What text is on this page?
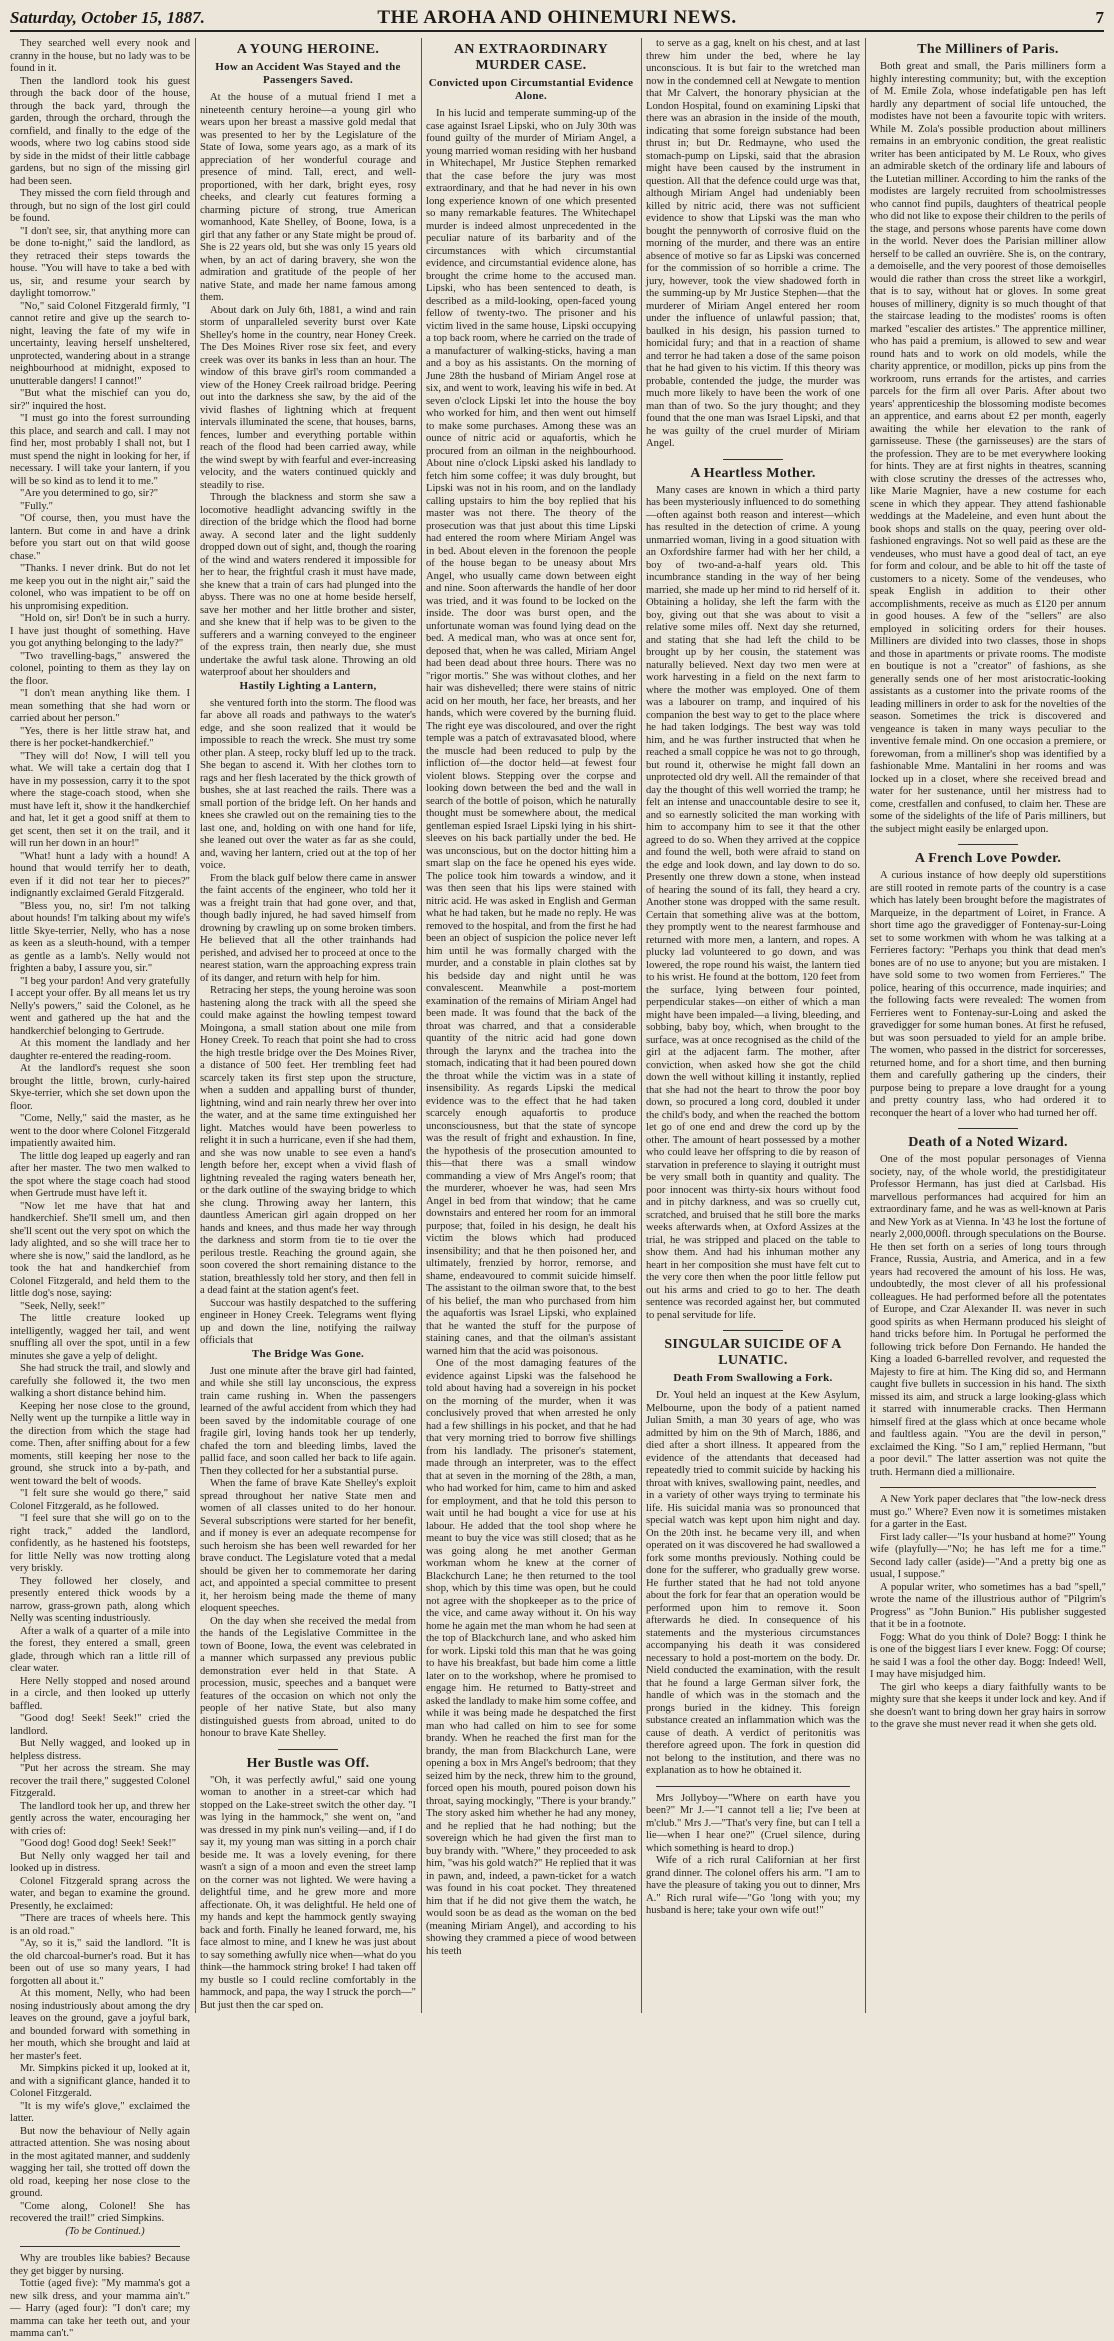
Saturday, October 15, 1887.	THE AROHA AND OHINEMURI NEWS.	7

They searched well every nook and cranny in the house, but no lady was to be found in it.

Then the landlord took his guest through the back door of the house, through the back yard, through the garden, through the orchard, through the cornfield, and finally to the edge of the woods, where two log cabins stood side by side in the midst of their little cabbage gardens, but no sign of the missing girl had been seen.

They missed the corn field through and through, but no sign of the lost girl could be found.

"I don't see, sir, that anything more can be done to-night," said the landlord, as they retraced their steps towards the house. "You will have to take a bed with us, sir, and resume your search by daylight tomorrow."

"No," said Colonel Fitzgerald firmly, "I cannot retire and give up the search to-night, leaving the fate of my wife in uncertainty, leaving herself unsheltered, unprotected, wandering about in a strange neighbourhood at midnight, exposed to unutterable dangers! I cannot!"

"But what the mischief can you do, sir?" inquired the host.

"I must go into the forest surrounding this place, and search and call. I may not find her, most probably I shall not, but I must spend the night in looking for her, if necessary. I will take your lantern, if you will be so kind as to lend it to me."

"Are you determined to go, sir?"

"Fully."

"Of course, then, you must have the lantern. But come in and have a drink before you start out on that wild goose chase."

"Thanks. I never drink. But do not let me keep you out in the night air," said the colonel, who was impatient to be off on his unpromising expedition.

"Hold on, sir! Don't be in such a hurry. I have just thought of something. Have you got anything belonging to the lady?"

"Two travelling-bags," answered the colonel, pointing to them as they lay on the floor.

"I don't mean anything like them. I mean something that she had worn or carried about her person."

"Yes, there is her little straw hat, and there is her pocket-handkerchief."

"They will do! Now, I will tell you what. We will take a certain dog that I have in my possession, carry it to the spot where the stage-coach stood, when she must have left it, show it the handkerchief and hat, let it get a good sniff at them to get scent, then set it on the trail, and it will run her down in an hour!"

"What! hunt a lady with a hound! A hound that would terrify her to death, even if it did not tear her to pieces?" indignantly exclaimed Gerald Fitzgerald.

"Bless you, no, sir! I'm not talking about hounds! I'm talking about my wife's little Skye-terrier, Nelly, who has a nose as keen as a sleuth-hound, with a temper as gentle as a lamb's. Nelly would not frighten a baby, I assure you, sir."

"I beg your pardon! And very gratefully I accept your offer. By all means let us try Nelly's powers," said the Colonel, as he went and gathered up the hat and the handkerchief belonging to Gertrude.

At this moment the landlady and her daughter re-entered the reading-room.

At the landlord's request she soon brought the little, brown, curly-haired Skye-terrier, which she set down upon the floor.

"Come, Nelly," said the master, as he went to the door where Colonel Fitzgerald impatiently awaited him.

The little dog leaped up eagerly and ran after her master. The two men walked to the spot where the stage coach had stood when Gertrude must have left it.

"Now let me have that hat and handkerchief. She'll smell um, and then she'll scent out the very spot on which the lady alighted, and so she will trace her to where she is now," said the landlord, as he took the hat and handkerchief from Colonel Fitzgerald, and held them to the little dog's nose, saying:

"Seek, Nelly, seek!"

The little creature looked up intelligently, wagged her tail, and went snuffling all over the spot, until in a few minutes she gave a yelp of delight.

She had struck the trail, and slowly and carefully she followed it, the two men walking a short distance behind him.

Keeping her nose close to the ground, Nelly went up the turnpike a little way in the direction from which the stage had come. Then, after sniffing about for a few moments, still keeping her nose to the ground, she struck into a by-path, and went toward the belt of woods.

"I felt sure she would go there," said Colonel Fitzgerald, as he followed.

"I feel sure that she will go on to the right track," added the landlord, confidently, as he hastened his footsteps, for little Nelly was now trotting along very briskly.

They followed her closely, and presently entered thick woods by a narrow, grass-grown path, along which Nelly was scenting industriously.

After a walk of a quarter of a mile into the forest, they entered a small, green glade, through which ran a little rill of clear water.

Here Nelly stopped and nosed around in a circle, and then looked up utterly baffled.

"Good dog! Seek! Seek!" cried the landlord.

But Nelly wagged, and looked up in helpless distress.

"Put her across the stream. She may recover the trail there," suggested Colonel Fitzgerald.

The landlord took her up, and threw her gently across the water, encouraging her with cries of:

"Good dog! Good dog! Seek! Seek!"

But Nelly only wagged her tail and looked up in distress.

Colonel Fitzgerald sprang across the water, and began to examine the ground. Presently, he exclaimed:

"There are traces of wheels here. This is an old road."

"Ay, so it is," said the landlord. "It is the old charcoal-burner's road. But it has been out of use so many years, I had forgotten all about it."

At this moment, Nelly, who had been nosing industriously about among the dry leaves on the ground, gave a joyful bark, and bounded forward with something in her mouth, which she brought and laid at her master's feet.

Mr. Simpkins picked it up, looked at it, and with a significant glance, handed it to Colonel Fitzgerald.

"It is my wife's glove," exclaimed the latter.

But now the behaviour of Nelly again attracted attention. She was nosing about in the most agitated manner, and suddenly wagging her tail, she trotted off down the old road, keeping her nose close to the ground.

"Come along, Colonel! She has recovered the trail!" cried Simpkins.

(To be Continued.)

Why are troubles like babies? Because they get bigger by nursing.

Tottie (aged five): "My mamma's got a new silk dress, and your mamma ain't." — Harry (aged four): "I don't care; my mamma can take her teeth out, and your mamma can't."

A YOUNG HEROINE.
How an Accident Was Stayed and the Passengers Saved.

At the house of a mutual friend I met a nineteenth century heroine—a young girl who wears upon her breast a massive gold medal that was presented to her by the Legislature of the State of Iowa, some years ago, as a mark of its appreciation of her wonderful courage and presence of mind. Tall, erect, and well-proportioned, with her dark, bright eyes, rosy cheeks, and clearly cut features forming a charming picture of strong, true American womanhood, Kate Shelley, of Boone, Iowa, is a girl that any father or any State might be proud of. She is 22 years old, but she was only 15 years old when, by an act of daring bravery, she won the admiration and gratitude of the people of her native State, and made her name famous among them.

About dark on July 6th, 1881, a wind and rain storm of unparalleled severity burst over Kate Shelley's home in the country, near Honey Creek. The Des Moines River rose six feet, and every creek was over its banks in less than an hour. The window of this brave girl's room commanded a view of the Honey Creek railroad bridge. Peering out into the darkness she saw, by the aid of the vivid flashes of lightning which at frequent intervals illuminated the scene, that houses, barns, fences, lumber and everything portable within reach of the flood had been carried away, while the wind swept by with fearful and ever-increasing velocity, and the waters continued quickly and steadily to rise.

Through the blackness and storm she saw a locomotive headlight advancing swiftly in the direction of the bridge which the flood had borne away. A second later and the light suddenly dropped down out of sight, and, though the roaring of the wind and waters rendered it impossible for her to hear, the frightful crash it must have made, she knew that a train of cars had plunged into the abyss. There was no one at home beside herself, save her mother and her little brother and sister, and she knew that if help was to be given to the sufferers and a warning conveyed to the engineer of the express train, then nearly due, she must undertake the awful task alone. Throwing an old waterproof about her shoulders and

Hastily Lighting a Lantern,

she ventured forth into the storm. The flood was far above all roads and pathways to the water's edge, and she soon realized that it would be impossible to reach the wreck. She must try some other plan. A steep, rocky bluff led up to the track. She began to ascend it. With her clothes torn to rags and her flesh lacerated by the thick growth of bushes, she at last reached the rails. There was a small portion of the bridge left. On her hands and knees she crawled out on the remaining ties to the last one, and, holding on with one hand for life, she leaned out over the water as far as she could, and, waving her lantern, cried out at the top of her voice.

From the black gulf below there came in answer the faint accents of the engineer, who told her it was a freight train that had gone over, and that, though badly injured, he had saved himself from drowning by crawling up on some broken timbers. He believed that all the other trainhands had perished, and advised her to proceed at once to the nearest station, warn the approaching express train of its danger, and return with help for him.

Retracing her steps, the young heroine was soon hastening along the track with all the speed she could make against the howling tempest toward Moingona, a small station about one mile from Honey Creek. To reach that point she had to cross the high trestle bridge over the Des Moines River, a distance of 500 feet. Her trembling feet had scarcely taken its first step upon the structure, when a sudden and appalling burst of thunder, lightning, wind and rain nearly threw her over into the water, and at the same time extinguished her light. Matches would have been powerless to relight it in such a hurricane, even if she had them, and she was now unable to see even a hand's length before her, except when a vivid flash of lightning revealed the raging waters beneath her, or the dark outline of the swaying bridge to which she clung. Throwing away her lantern, this dauntless American girl again dropped on her hands and knees, and thus made her way through the darkness and storm from tie to tie over the perilous trestle. Reaching the ground again, she soon covered the short remaining distance to the station, breathlessly told her story, and then fell in a dead faint at the station agent's feet.

Succour was hastily despatched to the suffering engineer in Honey Creek. Telegrams went flying up and down the line, notifying the railway officials that

The Bridge Was Gone.

Just one minute after the brave girl had fainted, and while she still lay unconscious, the express train came rushing in. When the passengers learned of the awful accident from which they had been saved by the indomitable courage of one fragile girl, loving hands took her up tenderly, chafed the torn and bleeding limbs, laved the pallid face, and soon called her back to life again. Then they collected for her a substantial purse.

When the fame of brave Kate Shelley's exploit spread throughout her native State men and women of all classes united to do her honour. Several subscriptions were started for her benefit, and if money is ever an adequate recompense for such heroism she has been well rewarded for her brave conduct. The Legislature voted that a medal should be given her to commemorate her daring act, and appointed a special committee to present it, her heroism being made the theme of many eloquent speeches.

On the day when she received the medal from the hands of the Legislative Committee in the town of Boone, Iowa, the event was celebrated in a manner which surpassed any previous public demonstration ever held in that State. A procession, music, speeches and a banquet were features of the occasion on which not only the people of her native State, but also many distinguished guests from abroad, united to do honour to brave Kate Shelley.

Her Bustle was Off.

"Oh, it was perfectly awful," said one young woman to another in a street-car which had stopped on the Lake-street switch the other day. "I was lying in the hammock," she went on, "and was dressed in my pink nun's veiling—and, if I do say it, my young man was sitting in a porch chair beside me. It was a lovely evening, for there wasn't a sign of a moon and even the street lamp on the corner was not lighted. We were having a delightful time, and he grew more and more affectionate. Oh, it was delightful. He held one of my hands and kept the hammock gently swaying back and forth. Finally he leaned forward, me, his face almost to mine, and I knew he was just about to say something awfully nice when—what do you think—the hammock string broke! I had taken off my bustle so I could recline comfortably in the hammock, and papa, the way I struck the porch—" But just then the car sped on.

AN EXTRAORDINARY MURDER CASE.
Convicted upon Circumstantial Evidence Alone.

In his lucid and temperate summing-up of the case against Israel Lipski, who on July 30th was found guilty of the murder of Miriam Angel, a young married woman residing with her husband in Whitechapel, Mr Justice Stephen remarked that the case before the jury was most extraordinary, and that he had never in his own long experience known of one which presented so many remarkable features. The Whitechapel murder is indeed almost unprecedented in the peculiar nature of its barbarity and of the circumstances with which circumstantial evidence, and circumstantial evidence alone, has brought the crime home to the accused man. Lipski, who has been sentenced to death, is described as a mild-looking, open-faced young fellow of twenty-two. The prisoner and his victim lived in the same house, Lipski occupying a top back room, where he carried on the trade of a manufacturer of walking-sticks, having a man and a boy as his assistants. On the morning of June 28th the husband of Miriam Angel rose at six, and went to work, leaving his wife in bed. At seven o'clock Lipski let into the house the boy who worked for him, and then went out himself to make some purchases. Among these was an ounce of nitric acid or aquafortis, which he procured from an oilman in the neighbourhood. About nine o'clock Lipski asked his landlady to fetch him some coffee; it was duly brought, but Lipski was not in his room, and on the landlady calling upstairs to him the boy replied that his master was not there. The theory of the prosecution was that just about this time Lipski had entered the room where Miriam Angel was in bed. About eleven in the forenoon the people of the house began to be uneasy about Mrs Angel, who usually came down between eight and nine. Soon afterwards the handle of her door was tried, and it was found to be locked on the inside. The door was burst open, and the unfortunate woman was found lying dead on the bed. A medical man, who was at once sent for, deposed that, when he was called, Miriam Angel had been dead about three hours. There was no "rigor mortis." She was without clothes, and her hair was dishevelled; there were stains of nitric acid on her mouth, her face, her breasts, and her hands, which were covered by the burning fluid. The right eye was discoloured, and over the right temple was a patch of extravasated blood, where the muscle had been reduced to pulp by the infliction of—the doctor held—at fewest four violent blows. Stepping over the corpse and looking down between the bed and the wall in search of the bottle of poison, which he naturally thought must be somewhere about, the medical gentleman espied Israel Lipski lying in his shirt-sleeves on his back partially under the bed. He was unconscious, but on the doctor hitting him a smart slap on the face he opened his eyes wide. The police took him towards a window, and it was then seen that his lips were stained with nitric acid. He was asked in English and German what he had taken, but he made no reply. He was removed to the hospital, and from the first he had been an object of suspicion the police never left him until he was formally charged with the murder, and a constable in plain clothes sat by his bedside day and night until he was convalescent. Meanwhile a post-mortem examination of the remains of Miriam Angel had been made. It was found that the back of the throat was charred, and that a considerable quantity of the nitric acid had gone down through the larynx and the trachea into the stomach, indicating that it had been poured down the throat while the victim was in a state of insensibility. As regards Lipski the medical evidence was to the effect that he had taken scarcely enough aquafortis to produce unconsciousness, but that the state of syncope was the result of fright and exhaustion. In fine, the hypothesis of the prosecution amounted to this—that there was a small window commanding a view of Mrs Angel's room; that the murderer, whoever he was, had seen Mrs Angel in bed from that window; that he came downstairs and entered her room for an immoral purpose; that, foiled in his design, he dealt his victim the blows which had produced insensibility; and that he then poisoned her, and ultimately, frenzied by horror, remorse, and shame, endeavoured to commit suicide himself. The assistant to the oilman swore that, to the best of his belief, the man who purchased from him the aquafortis was Israel Lipski, who explained that he wanted the stuff for the purpose of staining canes, and that the oilman's assistant warned him that the acid was poisonous.

One of the most damaging features of the evidence against Lipski was the falsehood he told about having had a sovereign in his pocket on the morning of the murder, when it was conclusively proved that when arrested he only had a few shillings in his pocket, and that he had that very morning tried to borrow five shillings from his landlady. The prisoner's statement, made through an interpreter, was to the effect that at seven in the morning of the 28th, a man, who had worked for him, came to him and asked for employment, and that he told this person to wait until he had bought a vice for use at his labour. He added that the tool shop where he meant to buy the vice was still closed; that as he was going along he met another German workman whom he knew at the corner of Blackchurch Lane; he then returned to the tool shop, which by this time was open, but he could not agree with the shopkeeper as to the price of the vice, and came away without it. On his way home he again met the man whom he had seen at the top of Blackchurch lane, and who asked him for work. Lipski told this man that he was going to have his breakfast, but bade him come a little later on to the workshop, where he promised to engage him. He returned to Batty-street and asked the landlady to make him some coffee, and while it was being made he despatched the first man who had called on him to see for some brandy. When he reached the first man for the brandy, the man from Blackchurch Lane, were opening a box in Mrs Angel's bedroom; that they seized him by the neck, threw him to the ground, forced open his mouth, poured poison down his throat, saying mockingly, "There is your brandy." The story asked him whether he had any money, and he replied that he had nothing; but the sovereign which he had given the first man to buy brandy with. "Where," they proceeded to ask him, "was his gold watch?" He replied that it was in pawn, and, indeed, a pawn-ticket for a watch was found in his coat pocket. They threatened him that if he did not give them the watch, he would soon be as dead as the woman on the bed (meaning Miriam Angel), and according to his showing they crammed a piece of wood between his teeth

to serve as a gag, knelt on his chest, and at last threw him under the bed, where he lay unconscious. It is but fair to the wretched man now in the condemned cell at Newgate to mention that Mr Calvert, the honorary physician at the London Hospital, found on examining Lipski that there was an abrasion in the inside of the mouth, indicating that some foreign substance had been thrust in; but Dr. Redmayne, who used the stomach-pump on Lipski, said that the abrasion might have been caused by the instrument in question. All that the defence could urge was that, although Miriam Angel had undeniably been killed by nitric acid, there was not sufficient evidence to show that Lipski was the man who bought the pennyworth of corrosive fluid on the morning of the murder, and there was an entire absence of motive so far as Lipski was concerned for the commission of so horrible a crime. The jury, however, took the view shadowed forth in the summing-up by Mr Justice Stephen—that the murderer of Miriam Angel entered her room under the influence of unlawful passion; that, baulked in his design, his passion turned to homicidal fury; and that in a reaction of shame and terror he had taken a dose of the same poison that he had given to his victim. If this theory was probable, contended the judge, the murder was much more likely to have been the work of one man than of two. So the jury thought; and they found that the one man was Israel Lipski, and that he was guilty of the cruel murder of Miriam Angel.

A Heartless Mother.

Many cases are known in which a third party has been mysteriously influenced to do something—often against both reason and interest—which has resulted in the detection of crime. A young unmarried woman, living in a good situation with an Oxfordshire farmer had with her her child, a boy of two-and-a-half years old. This incumbrance standing in the way of her being married, she made up her mind to rid herself of it. Obtaining a holiday, she left the farm with the boy, giving out that she was about to visit a relative some miles off. Next day she returned, and stating that she had left the child to be brought up by her cousin, the statement was naturally believed. Next day two men were at work harvesting in a field on the next farm to where the mother was employed. One of them was a labourer on tramp, and inquired of his companion the best way to get to the place where he had taken lodgings. The best way was told him, and he was further instructed that when he reached a small coppice he was not to go through, but round it, otherwise he might fall down an unprotected old dry well. All the remainder of that day the thought of this well worried the tramp; he felt an intense and unaccountable desire to see it, and so earnestly solicited the man working with him to accompany him to see it that the other agreed to do so. When they arrived at the coppice and found the well, both were afraid to stand on the edge and look down, and lay down to do so. Presently one threw down a stone, when instead of hearing the sound of its fall, they heard a cry. Another stone was dropped with the same result. Certain that something alive was at the bottom, they promptly went to the nearest farmhouse and returned with more men, a lantern, and ropes. A plucky lad volunteered to go down, and was lowered, the rope round his waist, the lantern tied to his wrist. He found at the bottom, 120 feet from the surface, lying between four pointed, perpendicular stakes—on either of which a man might have been impaled—a living, bleeding, and sobbing, baby boy, which, when brought to the surface, was at once recognised as the child of the girl at the adjacent farm. The mother, after conviction, when asked how she got the child down the well without killing it instantly, replied that she had not the heart to throw the poor boy down, so procured a long cord, doubled it under the child's body, and when the reached the bottom let go of one end and drew the cord up by the other. The amount of heart possessed by a mother who could leave her offspring to die by reason of starvation in preference to slaying it outright must be very small both in quantity and quality. The poor innocent was thirty-six hours without food and in pitchy darkness, and was so cruelly cut, scratched, and bruised that he still bore the marks weeks afterwards when, at Oxford Assizes at the trial, he was stripped and placed on the table to show them. And had his inhuman mother any heart in her composition she must have felt cut to the very core then when the poor little fellow put out his arms and cried to go to her. The death sentence was recorded against her, but commuted to penal servitude for life.

SINGULAR SUICIDE OF A LUNATIC.
Death From Swallowing a Fork.

Dr. Youl held an inquest at the Kew Asylum, Melbourne, upon the body of a patient named Julian Smith, a man 30 years of age, who was admitted by him on the 9th of March, 1886, and died after a short illness. It appeared from the evidence of the attendants that deceased had repeatedly tried to commit suicide by hacking his throat with knives, swallowing paint, needles, and in a variety of other ways trying to terminate his life. His suicidal mania was so pronounced that special watch was kept upon him night and day. On the 20th inst. he became very ill, and when operated on it was discovered he had swallowed a fork some months previously. Nothing could be done for the sufferer, who gradually grew worse. He further stated that he had not told anyone about the fork for fear that an operation would be performed upon him to remove it. Soon afterwards he died. In consequence of his statements and the mysterious circumstances accompanying his death it was considered necessary to hold a post-mortem on the body. Dr. Nield conducted the examination, with the result that he found a large German silver fork, the handle of which was in the stomach and the prongs buried in the kidney. This foreign substance created an inflammation which was the cause of death. A verdict of peritonitis was therefore agreed upon. The fork in question did not belong to the institution, and there was no explanation as to how he obtained it.

Mrs Jollyboy—"Where on earth have you been?" Mr J.—"I cannot tell a lie; I've been at m'club." Mrs J.—"That's very fine, but can I tell a lie—when I hear one?" (Cruel silence, during which something is heard to drop.)

Wife of a rich rural Californian at her first grand dinner. The colonel offers his arm. "I am to have the pleasure of taking you out to dinner, Mrs A." Rich rural wife—"Go 'long with you; my husband is here; take your own wife out!"

The Milliners of Paris.

Both great and small, the Paris milliners form a highly interesting community; but, with the exception of M. Emile Zola, whose indefatigable pen has left hardly any department of social life untouched, the modistes have not been a favourite topic with writers. While M. Zola's possible production about milliners remains in an embryonic condition, the great realistic writer has been anticipated by M. Le Roux, who gives an admirable sketch of the ordinary life and labours of the Lutetian milliner. According to him the ranks of the modistes are largely recruited from schoolmistresses who cannot find pupils, daughters of theatrical people who did not like to expose their children to the perils of the stage, and persons whose parents have come down in the world. Never does the Parisian milliner allow herself to be called an ouvrière. She is, on the contrary, a demoiselle, and the very poorest of those demoiselles would die rather than cross the street like a workgirl, that is to say, without hat or gloves. In some great houses of millinery, dignity is so much thought of that the staircase leading to the modistes' rooms is often marked "escalier des artistes." The apprentice milliner, who has paid a premium, is allowed to sew and wear round hats and to work on old models, while the charity apprentice, or modillon, picks up pins from the workroom, runs errands for the artistes, and carries parcels for the firm all over Paris. After about two years' apprenticeship the blossoming modiste becomes an apprentice, and earns about £2 per month, eagerly awaiting the while her elevation to the rank of garnisseuse. These (the garnisseuses) are the stars of the profession. They are to be met everywhere looking for hints. They are at first nights in theatres, scanning with close scrutiny the dresses of the actresses who, like Marie Magnier, have a new costume for each scene in which they appear. They attend fashionable weddings at the Madeleine, and even hunt about the book shops and stalls on the quay, peering over old-fashioned engravings. Not so well paid as these are the vendeuses, who must have a good deal of tact, an eye for form and colour, and be able to hit off the taste of customers to a nicety. Some of the vendeuses, who speak English in addition to their other accomplishments, receive as much as £120 per annum in good houses. A few of the "sellers" are also employed in soliciting orders for their houses. Milliners are divided into two classes, those in shops and those in apartments or private rooms. The modiste en boutique is not a "creator" of fashions, as she generally sends one of her most aristocratic-looking assistants as a customer into the private rooms of the leading milliners in order to ask for the novelties of the season. Sometimes the trick is discovered and vengeance is taken in many ways peculiar to the inventive female mind. On one occasion a premiere, or forewoman, from a milliner's shop was identified by a fashionable Mme. Mantalini in her rooms and was locked up in a closet, where she received bread and water for her sustenance, until her mistress had to come, crestfallen and confused, to claim her. These are some of the sidelights of the life of Paris milliners, but the subject might easily be enlarged upon.

A French Love Powder.

A curious instance of how deeply old superstitions are still rooted in remote parts of the country is a case which has lately been brought before the magistrates of Marqueize, in the department of Loiret, in France. A short time ago the gravedigger of Fontenay-sur-Loing set to some workmen with whom he was talking at a Ferrieres factory: "Perhaps you think that dead men's bones are of no use to anyone; but you are mistaken. I have sold some to two women from Ferrieres." The police, hearing of this occurrence, made inquiries; and the following facts were revealed: The women from Ferrieres went to Fontenay-sur-Loing and asked the gravedigger for some human bones. At first he refused, but was soon persuaded to yield for an ample bribe. The women, who passed in the district for sorceresses, returned home, and for a short time, and then burning them and carefully gathering up the cinders, their purpose being to prepare a love draught for a young and pretty country lass, who had ordered it to reconquer the heart of a lover who had turned her off.

Death of a Noted Wizard.

One of the most popular personages of Vienna society, nay, of the whole world, the prestidigitateur Professor Hermann, has just died at Carlsbad. His marvellous performances had acquired for him an extraordinary fame, and he was as well-known at Paris and New York as at Vienna. In '43 he lost the fortune of nearly 2,000,000fl. through speculations on the Bourse. He then set forth on a series of long tours through France, Russia, Austria, and America, and in a few years had recovered the amount of his loss. He was, undoubtedly, the most clever of all his professional colleagues. He had performed before all the potentates of Europe, and Czar Alexander II. was never in such good spirits as when Hermann produced his sleight of hand tricks before him. In Portugal he performed the following trick before Don Fernando. He handed the King a loaded 6-barrelled revolver, and requested the Majesty to fire at him. The King did so, and Hermann caught five bullets in succession in his hand. The sixth missed its aim, and struck a large looking-glass which it starred with innumerable cracks. Then Hermann himself fired at the glass which at once became whole and faultless again. "You are the devil in person," exclaimed the King. "So I am," replied Hermann, "but a poor devil." The latter assertion was not quite the truth. Hermann died a millionaire.

A New York paper declares that "the low-neck dress must go." Where? Even now it is sometimes mistaken for a garter in the East.

First lady caller—"Is your husband at home?" Young wife (playfully—"No; he has left me for a time." Second lady caller (aside)—"And a pretty big one as usual, I suppose."

A popular writer, who sometimes has a bad "spell," wrote the name of the illustrious author of "Pilgrim's Progress" as "John Bunion." His publisher suggested that it be in a footnote.

Fogg: What do you think of Dole? Bogg: I think he is one of the biggest liars I ever knew. Fogg: Of course; he said I was a fool the other day. Bogg: Indeed! Well, I may have misjudged him.

The girl who keeps a diary faithfully wants to be mighty sure that she keeps it under lock and key. And if she doesn't want to bring down her gray hairs in sorrow to the grave she must never read it when she gets old.
